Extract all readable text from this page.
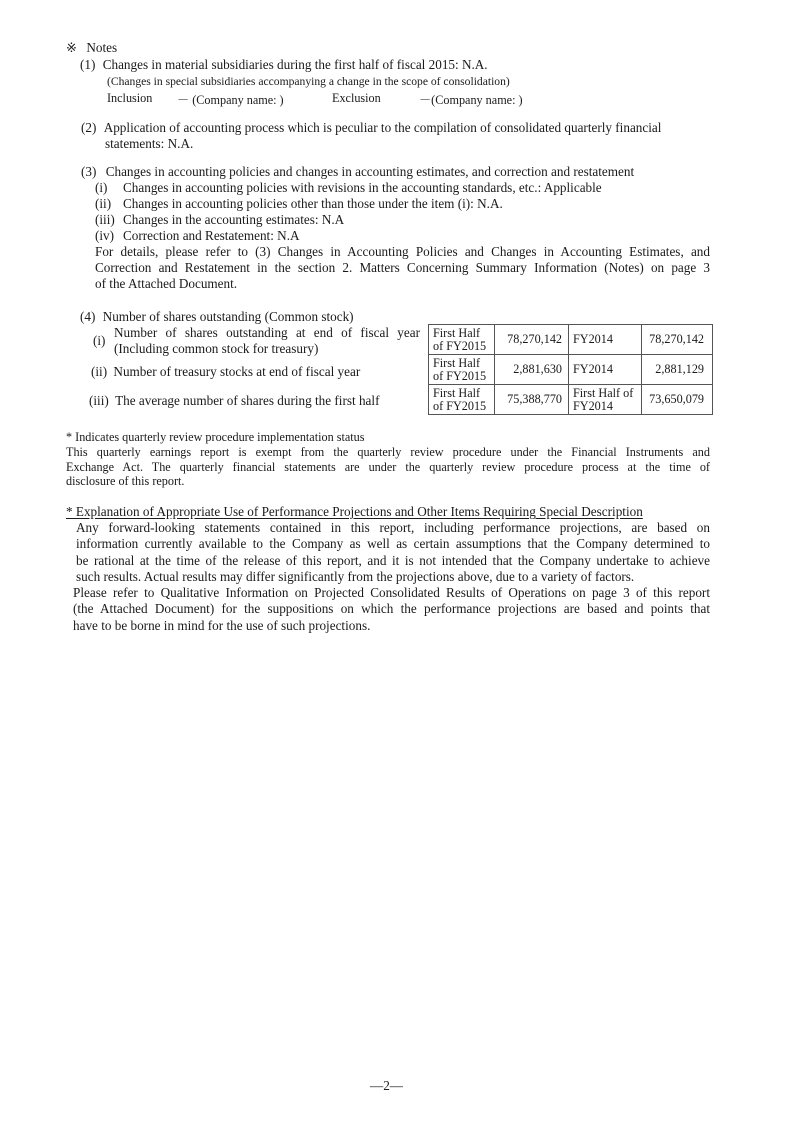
※ Notes
(1) Changes in material subsidiaries during the first half of fiscal 2015: N.A.
(Changes in special subsidiaries accompanying a change in the scope of consolidation)
Inclusion － (Company name: )	Exclusion	－(Company name: )
(2) Application of accounting process which is peculiar to the compilation of consolidated quarterly financial
statements: N.A.
(3) Changes in accounting policies and changes in accounting estimates, and correction and restatement
(i) Changes in accounting policies with revisions in the accounting standards, etc.: Applicable
(ii) Changes in accounting policies other than those under the item (i): N.A.
(iii) Changes in the accounting estimates: N.A
(iv) Correction and Restatement: N.A
For details, please refer to (3) Changes in Accounting Policies and Changes in Accounting Estimates, and
Correction and Restatement in the section 2. Matters Concerning Summary Information (Notes) on page 3
of the Attached Document.
(4) Number of shares outstanding (Common stock)
(i)
Number of shares outstanding at end of fiscal year
(Including common stock for treasury)
(ii) Number of treasury stocks at end of fiscal year
(iii) The average number of shares during the first half
First Half of FY2015	78,270,142	FY2014	78,270,142
First Half of FY2015	2,881,630	FY2014	2,881,129
First Half of FY2015	75,388,770	First Half of FY2014	73,650,079
* Indicates quarterly review procedure implementation status
This quarterly earnings report is exempt from the quarterly review procedure under the Financial Instruments and
Exchange Act. The quarterly financial statements are under the quarterly review procedure process at the time of
disclosure of this report.
* Explanation of Appropriate Use of Performance Projections and Other Items Requiring Special Description
Any forward-looking statements contained in this report, including performance projections, are based on
information currently available to the Company as well as certain assumptions that the Company determined to
be rational at the time of the release of this report, and it is not intended that the Company undertake to achieve
such results. Actual results may differ significantly from the projections above, due to a variety of factors.
Please refer to Qualitative Information on Projected Consolidated Results of Operations on page 3 of this report
(the Attached Document) for the suppositions on which the performance projections are based and points that
have to be borne in mind for the use of such projections.
―2―
